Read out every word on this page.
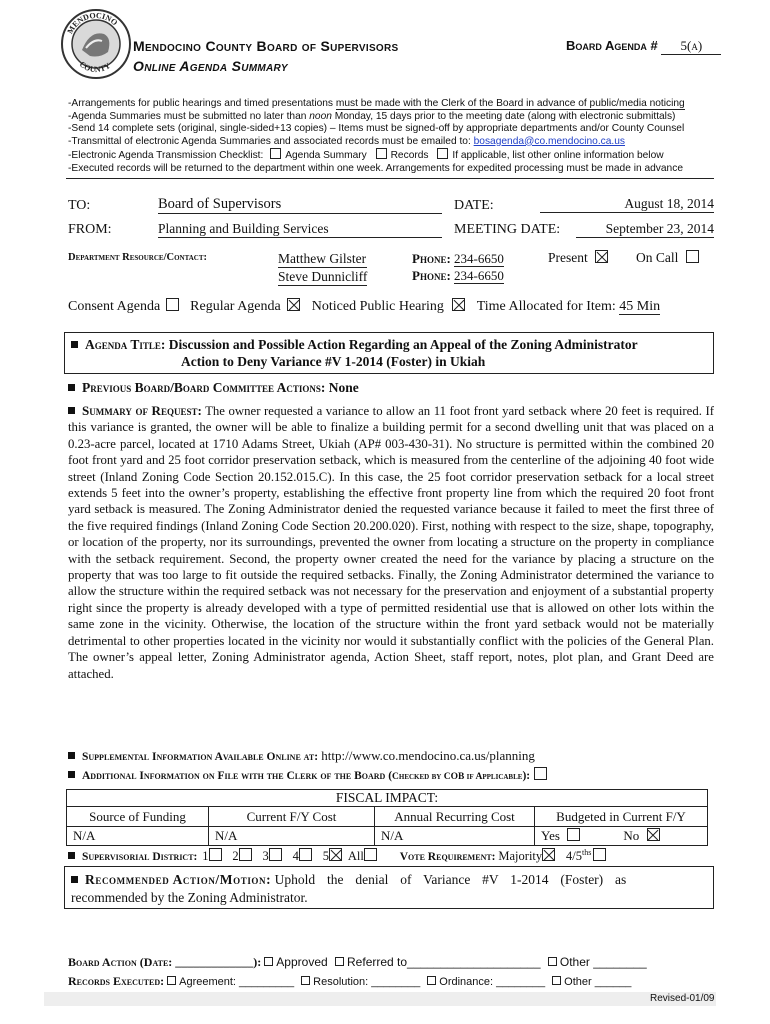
MENDOCINO
COUNTY
Mendocino County Board of Supervisors
Online Agenda Summary
Board Agenda # 5(a)
-Arrangements for public hearings and timed presentations must be made with the Clerk of the Board in advance of public/media noticing
-Agenda Summaries must be submitted no later than noon Monday, 15 days prior to the meeting date (along with electronic submittals)
-Send 14 complete sets (original, single-sided+13 copies) – Items must be signed-off by appropriate departments and/or County Counsel
-Transmittal of electronic Agenda Summaries and associated records must be emailed to: bosagenda@co.mendocino.ca.us
-Electronic Agenda Transmission Checklist: Agenda Summary Records If applicable, list other online information below
-Executed records will be returned to the department within one week. Arrangements for expedited processing must be made in advance
TO:	Board of Supervisors	DATE:	August 18, 2014
FROM:	Planning and Building Services	MEETING DATE:	September 23, 2014
Department Resource/Contact:	Matthew Gilster
Steve Dunnicliff
Phone: 234-6650
Phone: 234-6650
Present	On Call
Consent Agenda Regular Agenda Noticed Public Hearing Time Allocated for Item: 45 Min
Agenda Title: Discussion and Possible Action Regarding an Appeal of the Zoning Administrator
Action to Deny Variance #V 1-2014 (Foster) in Ukiah
Previous Board/Board Committee Actions: None
Summary of Request: The owner requested a variance to allow an 11 foot front yard setback where 20 feet is required. If this variance is granted, the owner will be able to finalize a building permit for a second dwelling unit that was placed on a 0.23-acre parcel, located at 1710 Adams Street, Ukiah (AP# 003-430-31). No structure is permitted within the combined 20 foot front yard and 25 foot corridor preservation setback, which is measured from the centerline of the adjoining 40 foot wide street (Inland Zoning Code Section 20.152.015.C). In this case, the 25 foot corridor preservation setback for a local street extends 5 feet into the owner’s property, establishing the effective front property line from which the required 20 foot front yard setback is measured. The Zoning Administrator denied the requested variance because it failed to meet the first three of the five required findings (Inland Zoning Code Section 20.200.020). First, nothing with respect to the size, shape, topography, or location of the property, nor its surroundings, prevented the owner from locating a structure on the property in compliance with the setback requirement. Second, the property owner created the need for the variance by placing a structure on the property that was too large to fit outside the required setbacks. Finally, the Zoning Administrator determined the variance to allow the structure within the required setback was not necessary for the preservation and enjoyment of a substantial property right since the property is already developed with a type of permitted residential use that is allowed on other lots within the same zone in the vicinity. Otherwise, the location of the structure within the front yard setback would not be materially detrimental to other properties located in the vicinity nor would it substantially conflict with the policies of the General Plan. The owner’s appeal letter, Zoning Administrator agenda, Action Sheet, staff report, notes, plot plan, and Grant Deed are attached.
Supplemental Information Available Online at: http://www.co.mendocino.ca.us/planning
Additional Information on File with the Clerk of the Board (Checked by COB if Applicable):
FISCAL IMPACT:			
Source of Funding	Current F/Y Cost	Annual Recurring Cost	Budgeted in Current F/Y
N/A	N/A	N/A	Yes No
Supervisorial District: 1 2 3 4 5 All	Vote Requirement: Majority $4/5^{ths}$
Recommended Action/Motion: Uphold the denial of Variance #V 1-2014 (Foster) as
recommended by the Zoning Administrator.
Board Action (Date: _____________): Approved Referred to____________________ Other ________
Records Executed: Agreement: _________ Resolution: ________ Ordinance: ________ Other ______
Revised-01/09
